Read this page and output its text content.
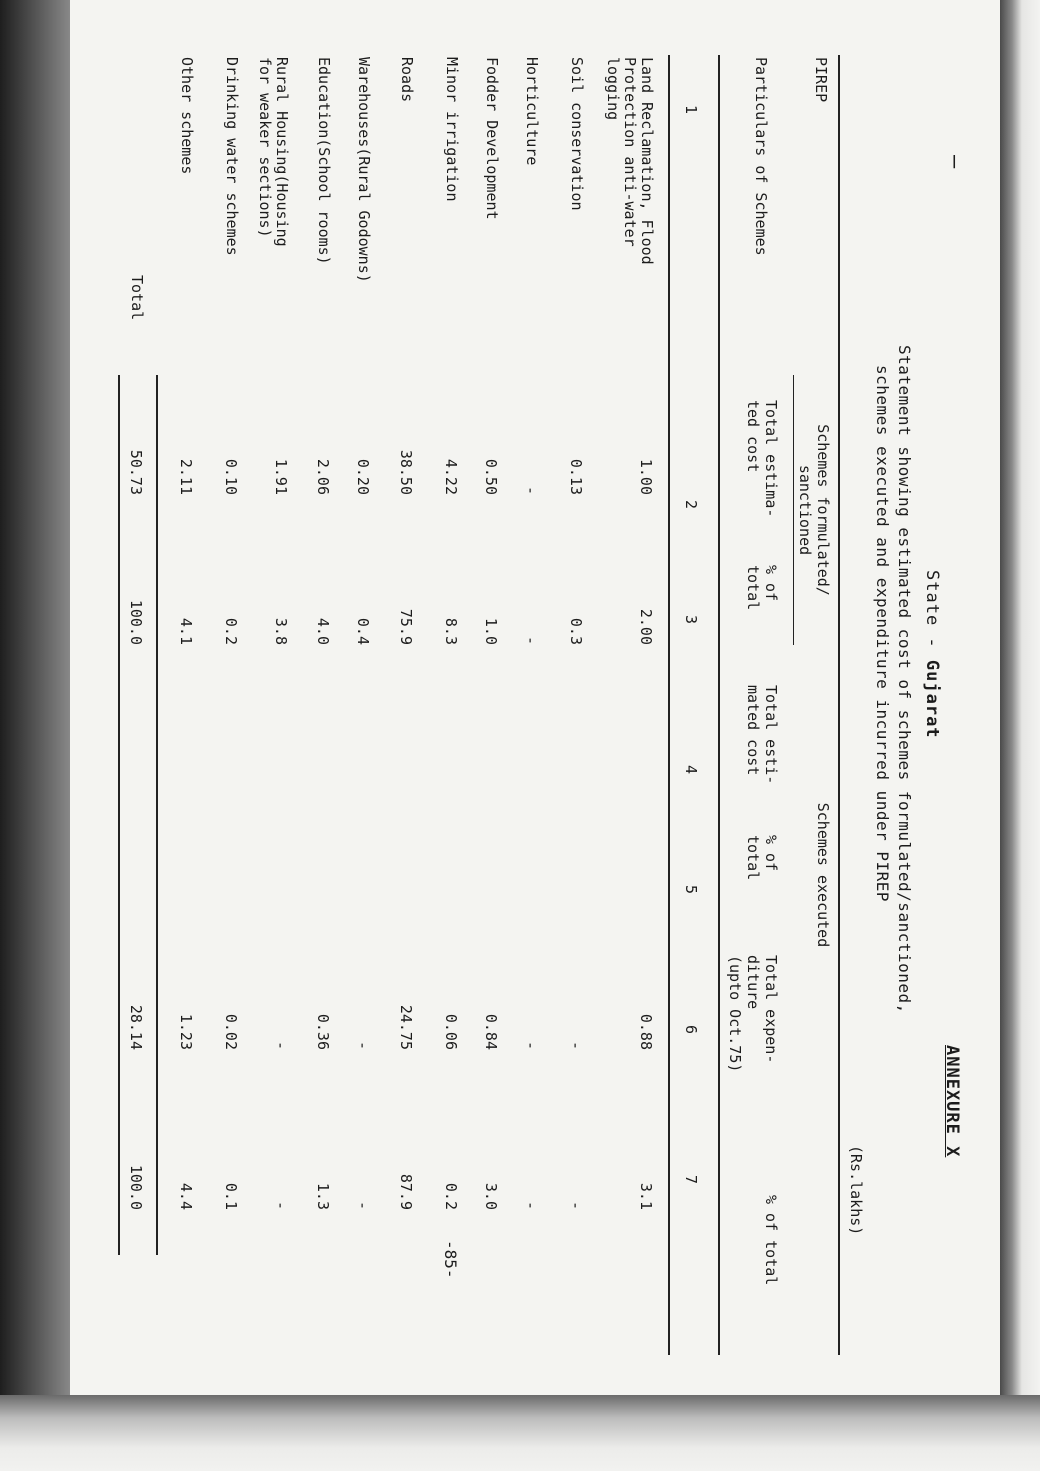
—
ANNEXURE X
State - Gujarat
Statement showing estimated cost of schemes formulated/sanctioned,
schemes executed and expenditure incurred under PIREP
(Rs.lakhs)
PIREP
Particulars of Schemes
Schemes formulated/
sanctioned
Schemes executed
Total estima-
ted cost
% of
total
Total esti-
mated cost
% of
total
Total expen-
diture
(upto Oct.75)
% of total
1
2
3
4
5
6
7
Land Reclamation, Flood
Protection anti-water
logging
1.00
2.00
0.88
3.1
Soil conservation
0.13
0.3
-
-
Horticulture
-
-
-
-
Fodder Development
0.50
1.0
0.84
3.0
Minor irrigation
4.22
8.3
0.06
0.2
Roads
38.50
75.9
24.75
87.9
Warehouses(Rural Godowns)
0.20
0.4
-
-
Education(School rooms)
2.06
4.0
0.36
1.3
Rural Housing(Housing
for weaker sections)
1.91
3.8
-
-
Drinking water schemes
0.10
0.2
0.02
0.1
Other schemes
2.11
4.1
1.23
4.4
Total
50.73
100.0
28.14
100.0
-85-
